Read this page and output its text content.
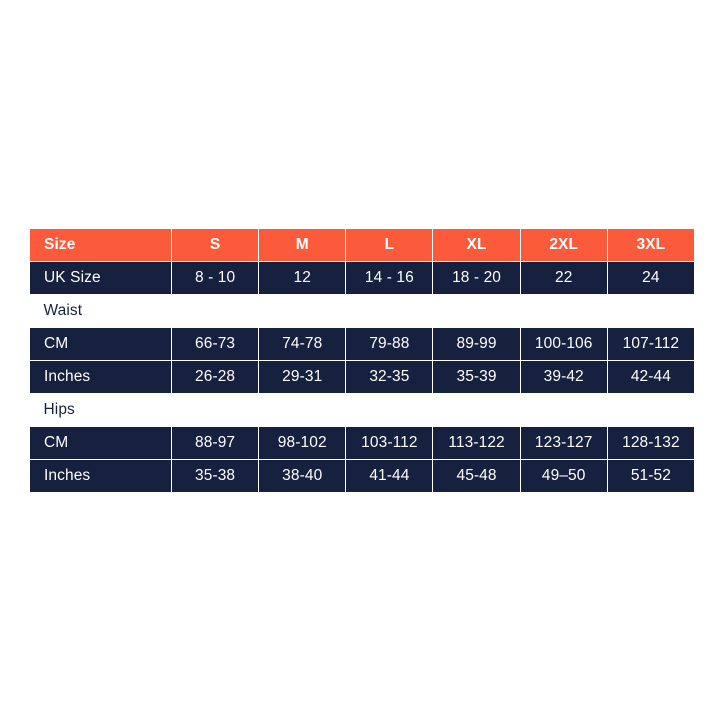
Size	S	M	L	XL	2XL	3XL
UK Size	8 - 10	12	14 - 16	18 - 20	22	24
Waist						
CM	66-73	74-78	79-88	89-99	100-106	107-112
Inches	26-28	29-31	32-35	35-39	39-42	42-44
Hips						
CM	88-97	98-102	103-112	113-122	123-127	128-132
Inches	35-38	38-40	41-44	45-48	49–50	51-52
